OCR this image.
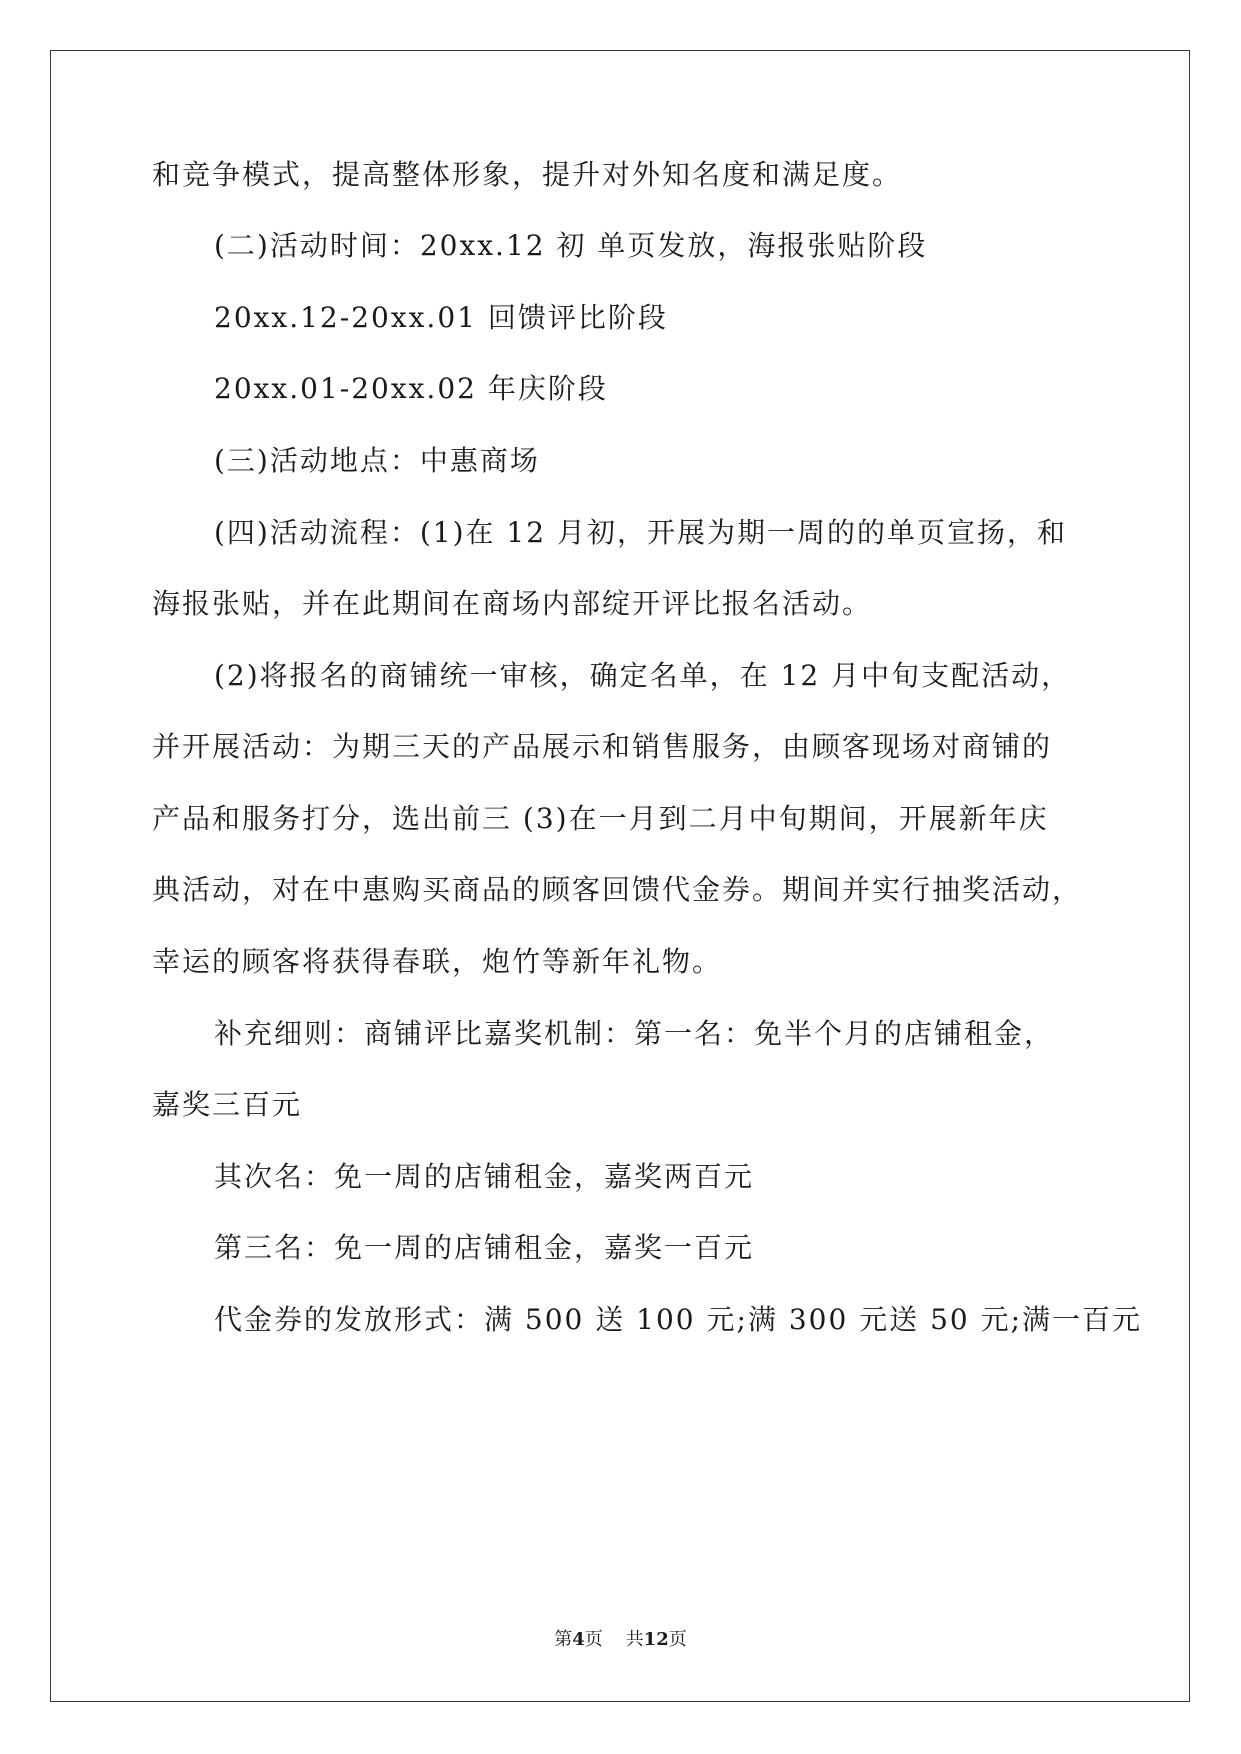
和竞争模式，提高整体形象，提升对外知名度和满足度。
(二)活动时间：20xx.12 初 单页发放，海报张贴阶段
20xx.12-20xx.01 回馈评比阶段
20xx.01-20xx.02 年庆阶段
(三)活动地点：中惠商场
(四)活动流程：(1)在 12 月初，开展为期一周的的单页宣扬，和
海报张贴，并在此期间在商场内部绽开评比报名活动。
(2)将报名的商铺统一审核，确定名单，在 12 月中旬支配活动，
并开展活动：为期三天的产品展示和销售服务，由顾客现场对商铺的
产品和服务打分，选出前三 (3)在一月到二月中旬期间，开展新年庆
典活动，对在中惠购买商品的顾客回馈代金券。期间并实行抽奖活动，
幸运的顾客将获得春联，炮竹等新年礼物。
补充细则：商铺评比嘉奖机制：第一名：免半个月的店铺租金，
嘉奖三百元
其次名：免一周的店铺租金，嘉奖两百元
第三名：免一周的店铺租金，嘉奖一百元
代金券的发放形式：满 500 送 100 元;满 300 元送 50 元;满一百元
第4页 共12页
